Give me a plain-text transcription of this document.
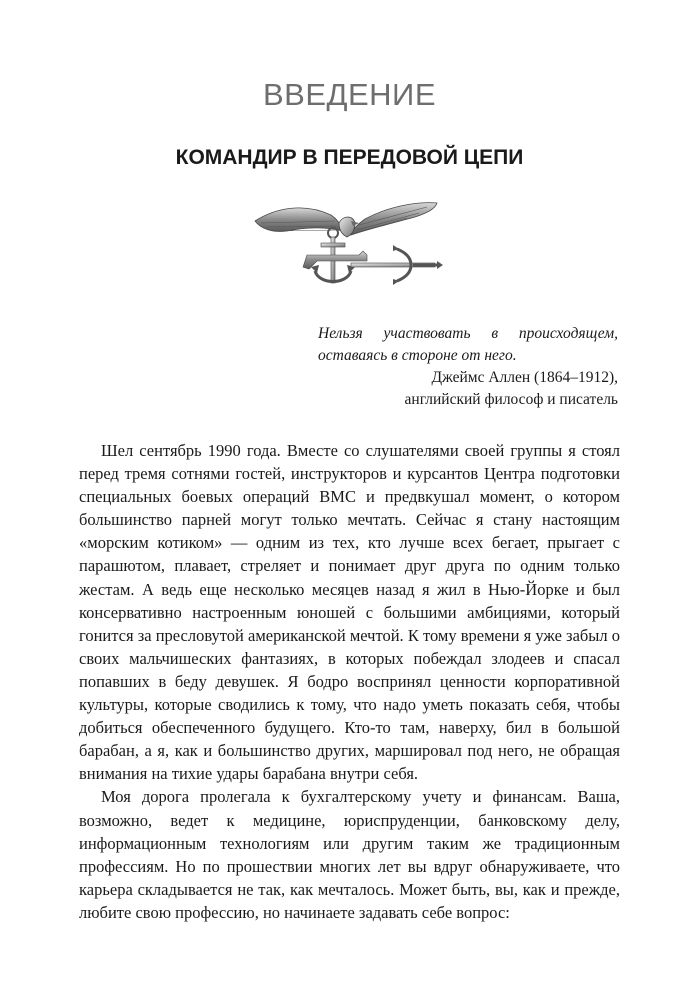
ВВЕДЕНИЕ
КОМАНДИР В ПЕРЕДОВОЙ ЦЕПИ

Нельзя участвовать в происходящем, оставаясь в стороне от него.

Джеймс Аллен (1864–1912),

английский философ и писатель

Шел сентябрь 1990 года. Вместе со слушателями своей группы я стоял перед тремя сотнями гостей, инструкторов и курсантов Центра подготовки специальных боевых операций ВМС и предвкушал момент, о котором большинство парней могут только мечтать. Сейчас я стану настоящим «морским котиком» — одним из тех, кто лучше всех бегает, прыгает с парашютом, плавает, стреляет и понимает друг друга по одним только жестам. А ведь еще несколько месяцев назад я жил в Нью-Йорке и был консервативно настроенным юношей с большими амбициями, который гонится за пресловутой американской мечтой. К тому времени я уже забыл о своих мальчишеских фантазиях, в которых побеждал злодеев и спасал попавших в беду девушек. Я бодро воспринял ценности корпоративной культуры, которые сводились к тому, что надо уметь показать себя, чтобы добиться обеспеченного будущего. Кто-то там, наверху, бил в большой барабан, а я, как и большинство других, маршировал под него, не обращая внимания на тихие удары барабана внутри себя.

Моя дорога пролегала к бухгалтерскому учету и финансам. Ваша, возможно, ведет к медицине, юриспруденции, банковскому делу, информационным технологиям или другим таким же традиционным профессиям. Но по прошествии многих лет вы вдруг обнаруживаете, что карьера складывается не так, как мечталось. Может быть, вы, как и прежде, любите свою профессию, но начинаете задавать себе вопрос:
